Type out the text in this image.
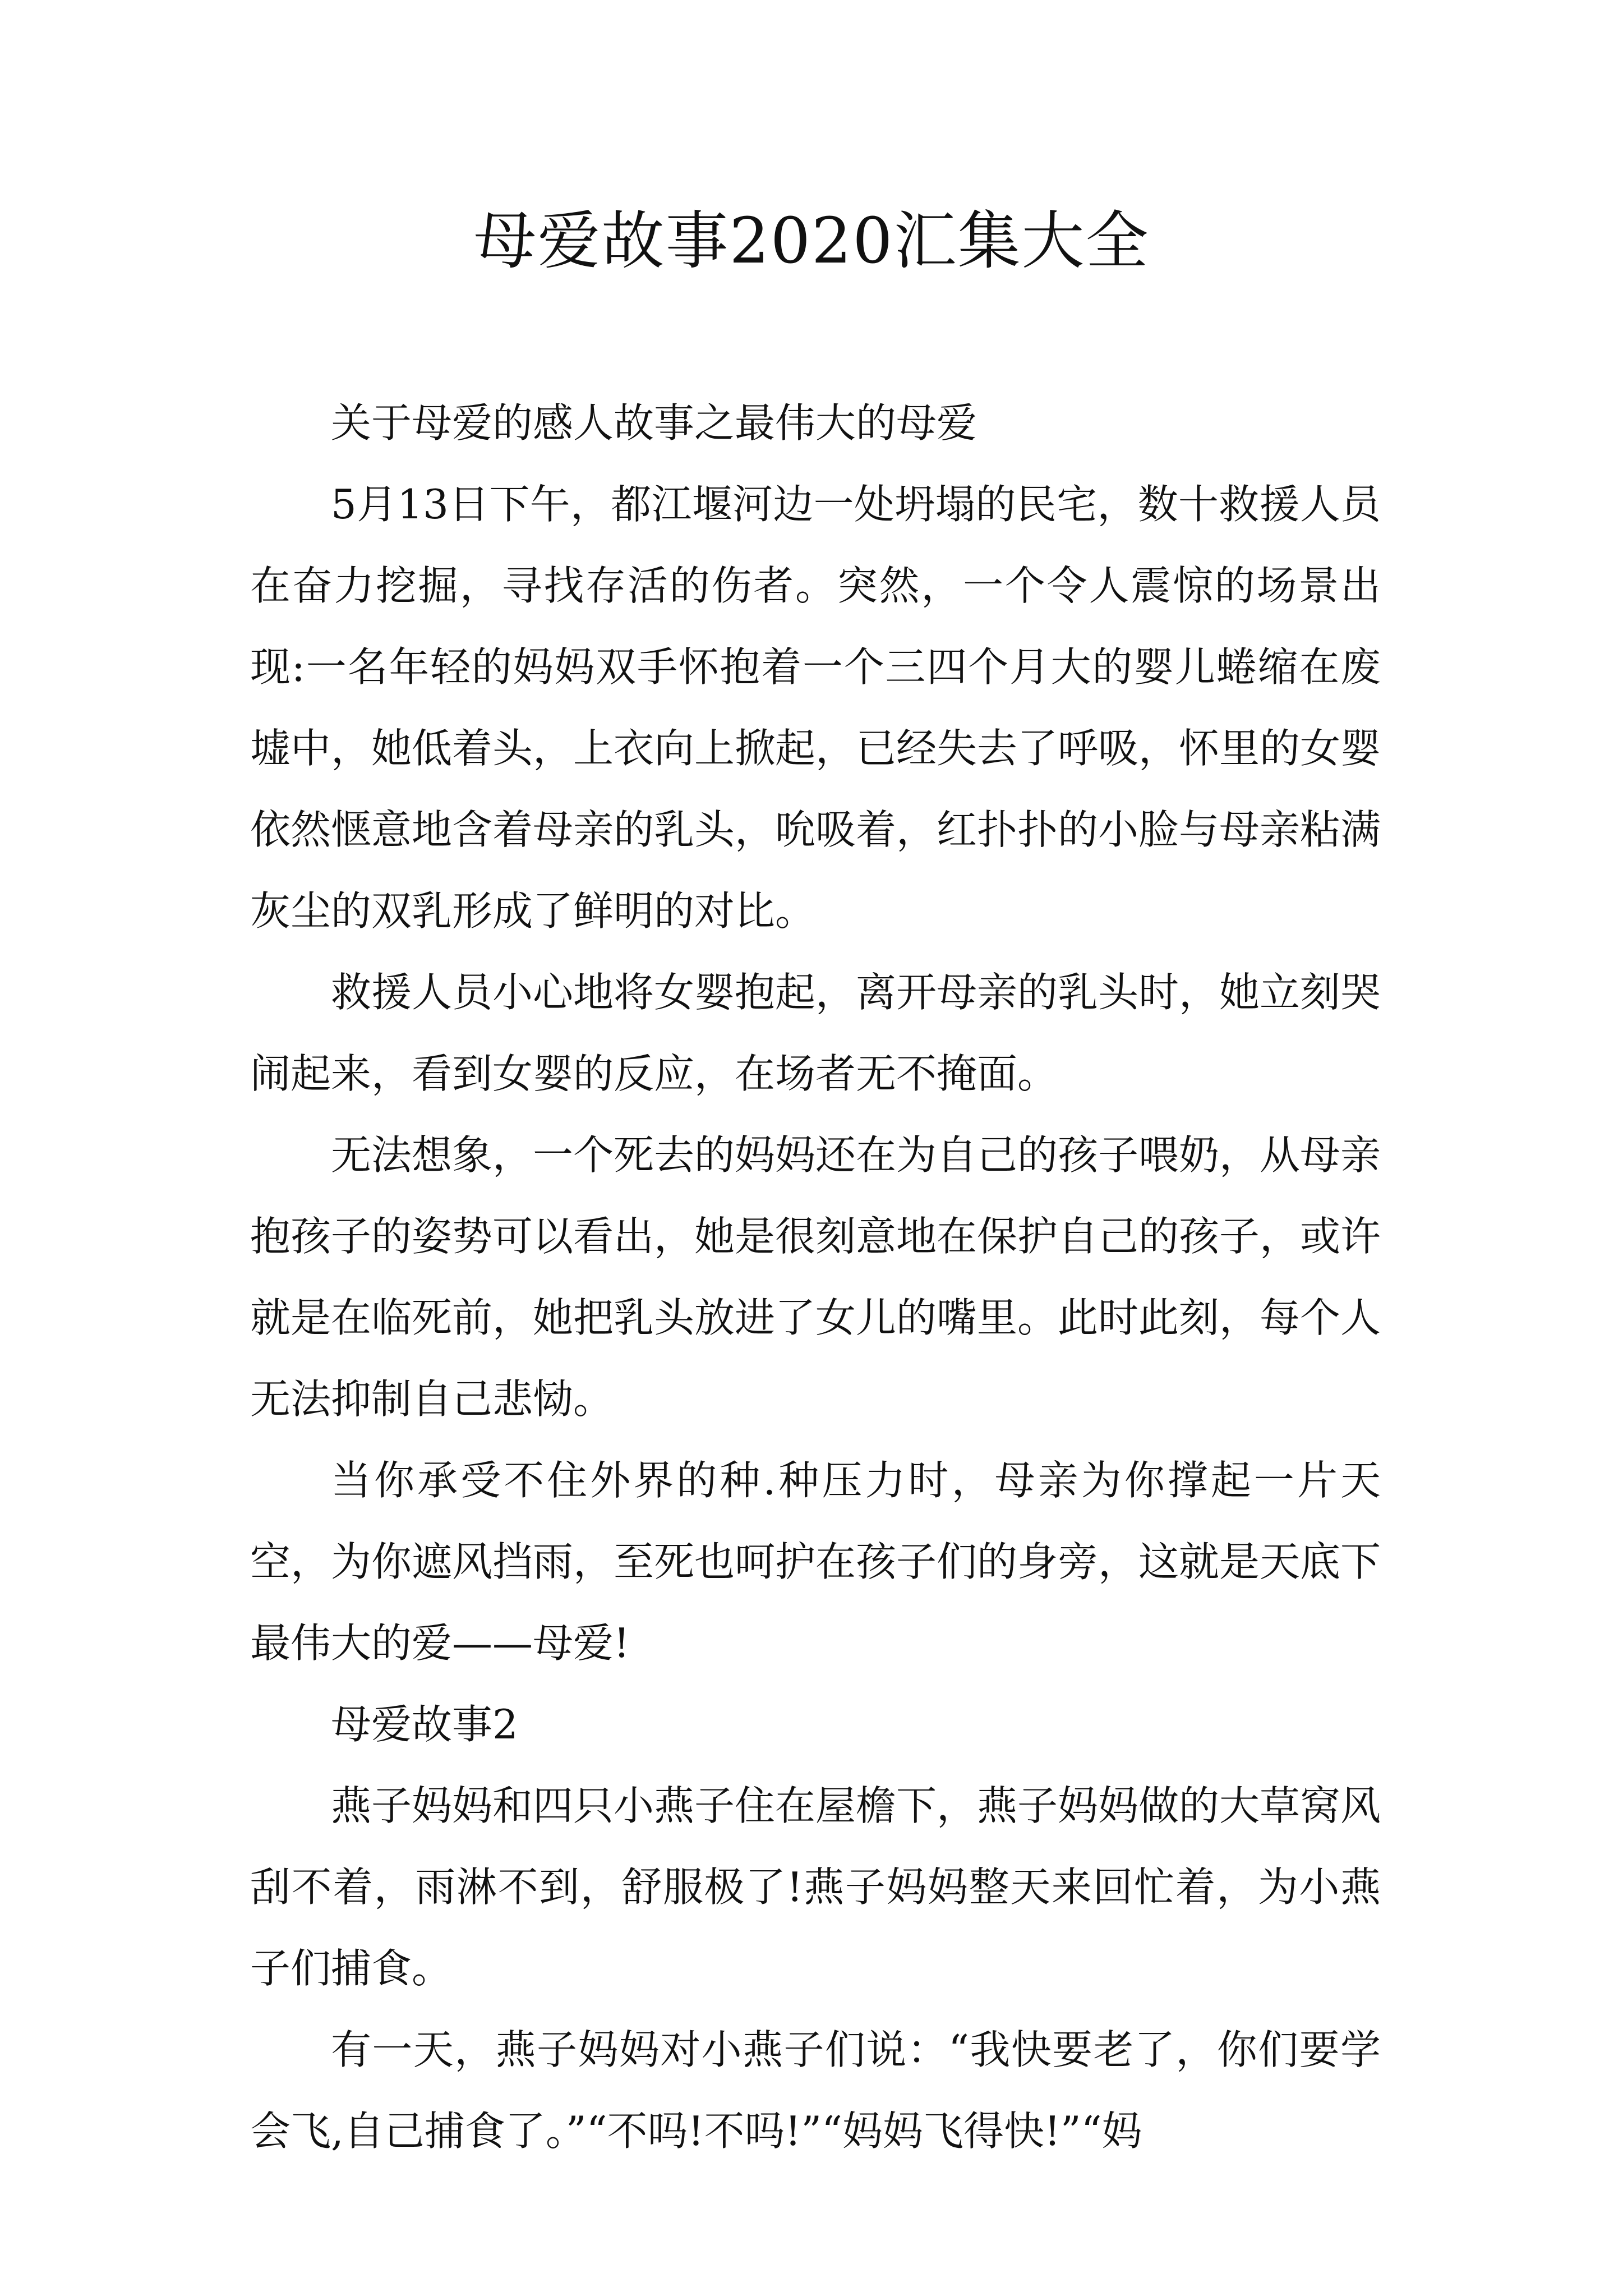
母爱故事2020汇集大全

关于母爱的感人故事之最伟大的母爱

5月13日下午，都江堰河边一处坍塌的民宅，数十救援人员在奋力挖掘，寻找存活的伤者。突然，一个令人震惊的场景出现:一名年轻的妈妈双手怀抱着一个三四个月大的婴儿蜷缩在废墟中，她低着头，上衣向上掀起，已经失去了呼吸，怀里的女婴依然惬意地含着母亲的乳头，吮吸着，红扑扑的小脸与母亲粘满灰尘的双乳形成了鲜明的对比。

救援人员小心地将女婴抱起，离开母亲的乳头时，她立刻哭闹起来，看到女婴的反应，在场者无不掩面。

无法想象，一个死去的妈妈还在为自己的孩子喂奶，从母亲抱孩子的姿势可以看出，她是很刻意地在保护自己的孩子，或许就是在临死前，她把乳头放进了女儿的嘴里。此时此刻，每个人无法抑制自己悲恸。

当你承受不住外界的种.种压力时，母亲为你撑起一片天空，为你遮风挡雨，至死也呵护在孩子们的身旁，这就是天底下最伟大的爱——母爱!

母爱故事2

燕子妈妈和四只小燕子住在屋檐下，燕子妈妈做的大草窝风刮不着，雨淋不到，舒服极了!燕子妈妈整天来回忙着，为小燕子们捕食。

有一天，燕子妈妈对小燕子们说：“我快要老了，你们要学会飞,自己捕食了。”“不吗!不吗!”“妈妈飞得快!”“妈
